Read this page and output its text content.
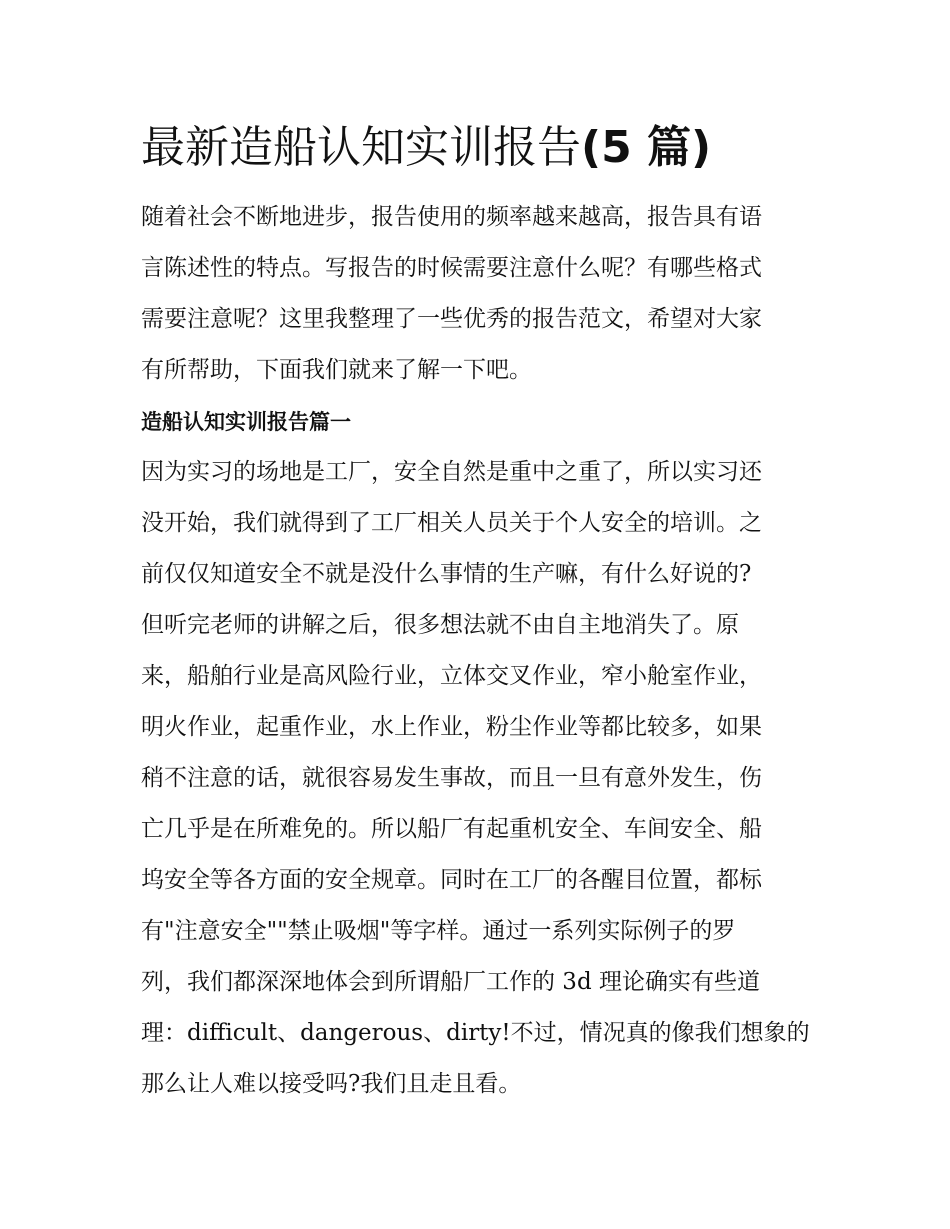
最新造船认知实训报告(5 篇)

随着社会不断地进步，报告使用的频率越来越高，报告具有语
言陈述性的特点。写报告的时候需要注意什么呢？有哪些格式
需要注意呢？这里我整理了一些优秀的报告范文，希望对大家
有所帮助，下面我们就来了解一下吧。

造船认知实训报告篇一

因为实习的场地是工厂，安全自然是重中之重了，所以实习还
没开始，我们就得到了工厂相关人员关于个人安全的培训。之
前仅仅知道安全不就是没什么事情的生产嘛，有什么好说的?
但听完老师的讲解之后，很多想法就不由自主地消失了。原
来，船舶行业是高风险行业，立体交叉作业，窄小舱室作业，
明火作业，起重作业，水上作业，粉尘作业等都比较多，如果
稍不注意的话，就很容易发生事故，而且一旦有意外发生，伤
亡几乎是在所难免的。所以船厂有起重机安全、车间安全、船
坞安全等各方面的安全规章。同时在工厂的各醒目位置，都标
有"注意安全""禁止吸烟"等字样。通过一系列实际例子的罗
列，我们都深深地体会到所谓船厂工作的 3d 理论确实有些道
理：difficult、dangerous、dirty!不过，情况真的像我们想象的
那么让人难以接受吗?我们且走且看。
